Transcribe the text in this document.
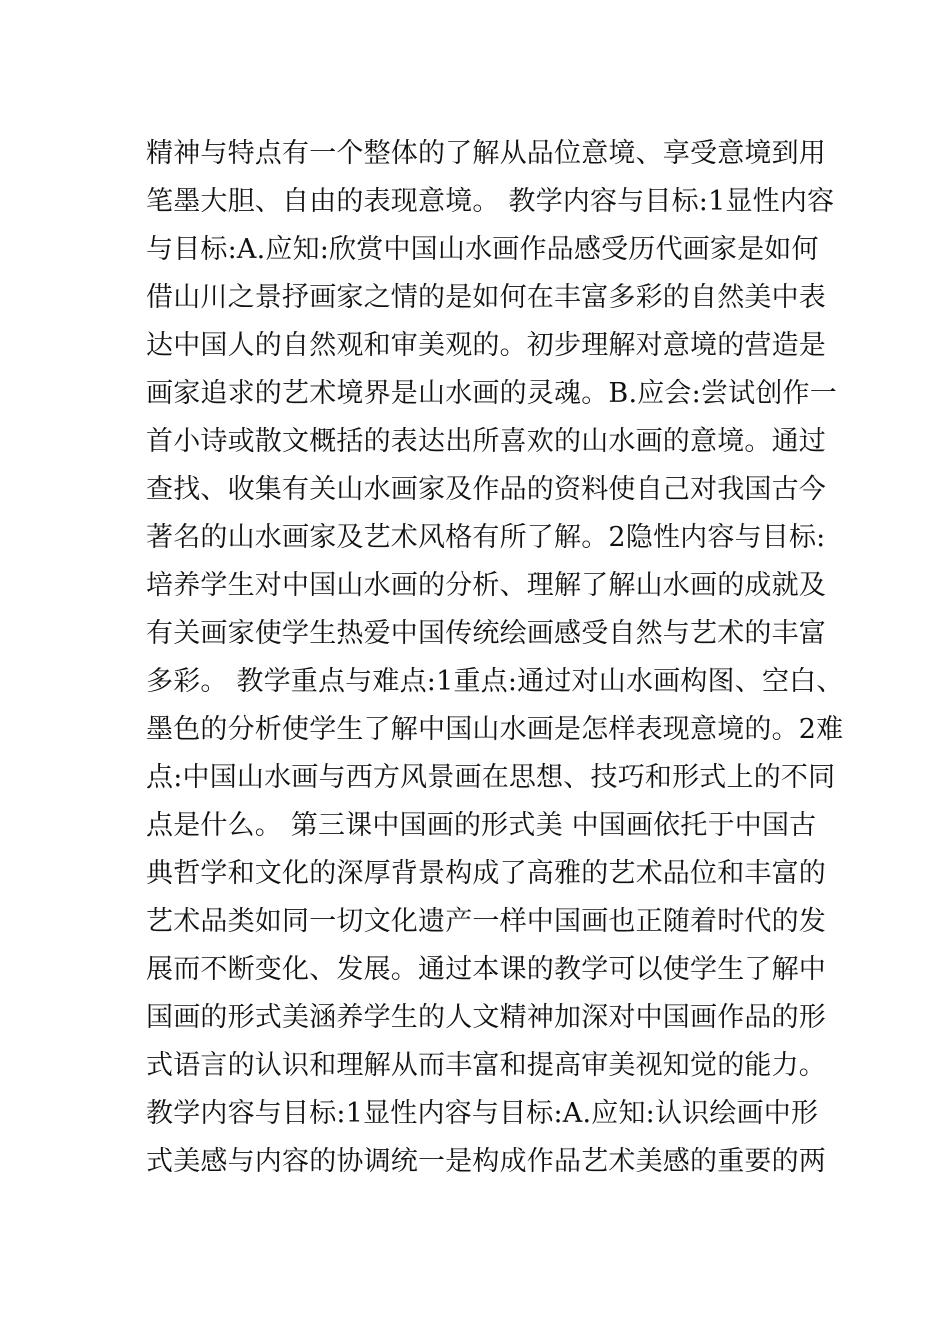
精神与特点有一个整体的了解从品位意境、享受意境到用
笔墨大胆、自由的表现意境。 教学内容与目标:1显性内容
与目标:A.应知:欣赏中国山水画作品感受历代画家是如何
借山川之景抒画家之情的是如何在丰富多彩的自然美中表
达中国人的自然观和审美观的。初步理解对意境的营造是
画家追求的艺术境界是山水画的灵魂。B.应会:尝试创作一
首小诗或散文概括的表达出所喜欢的山水画的意境。通过
查找、收集有关山水画家及作品的资料使自己对我国古今
著名的山水画家及艺术风格有所了解。2隐性内容与目标:
培养学生对中国山水画的分析、理解了解山水画的成就及
有关画家使学生热爱中国传统绘画感受自然与艺术的丰富
多彩。 教学重点与难点:1重点:通过对山水画构图、空白、
墨色的分析使学生了解中国山水画是怎样表现意境的。2难
点:中国山水画与西方风景画在思想、技巧和形式上的不同
点是什么。 第三课中国画的形式美 中国画依托于中国古
典哲学和文化的深厚背景构成了高雅的艺术品位和丰富的
艺术品类如同一切文化遗产一样中国画也正随着时代的发
展而不断变化、发展。通过本课的教学可以使学生了解中
国画的形式美涵养学生的人文精神加深对中国画作品的形
式语言的认识和理解从而丰富和提高审美视知觉的能力。
教学内容与目标:1显性内容与目标:A.应知:认识绘画中形
式美感与内容的协调统一是构成作品艺术美感的重要的两
